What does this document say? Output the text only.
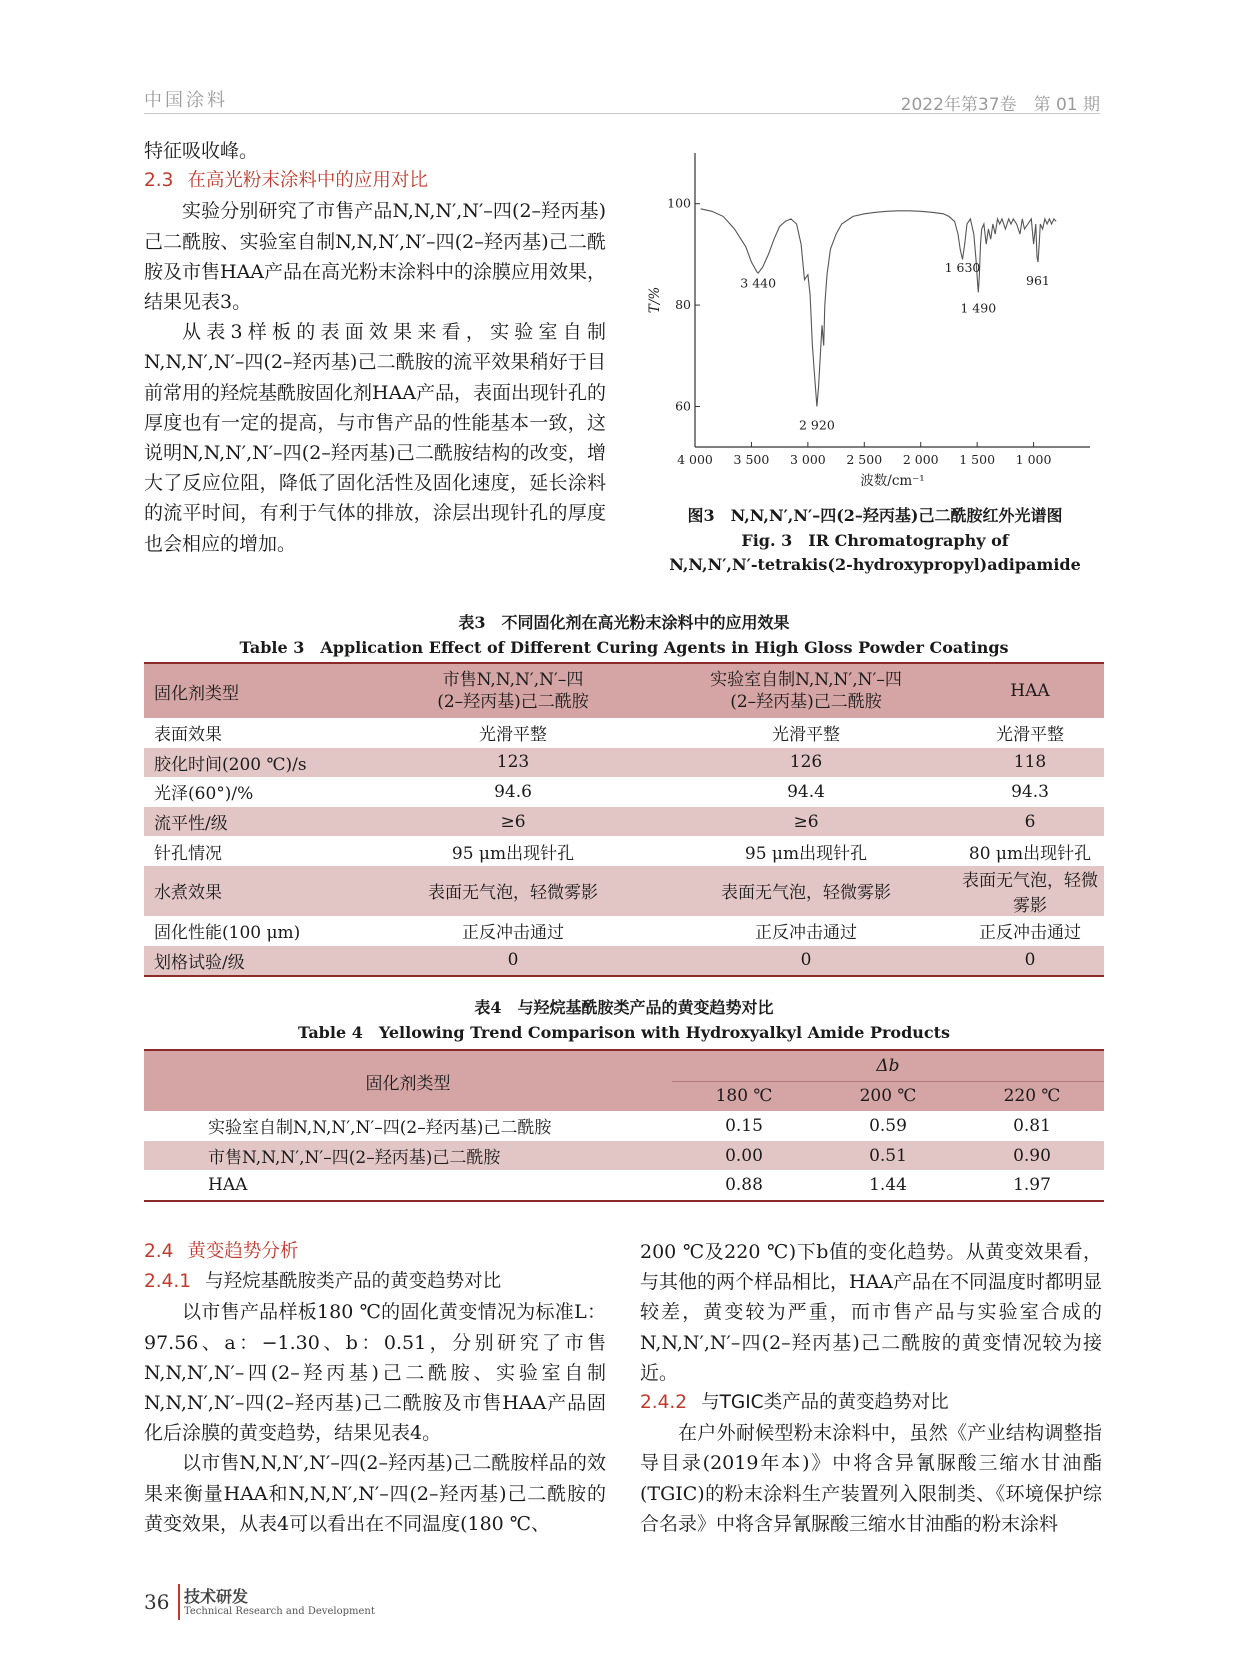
中国涂料	2022年第37卷　第 01 期

特征吸收峰。

2.3 在高光粉末涂料中的应用对比

实验分别研究了市售产品N,N,N′,N′–四(2–羟丙基)己二酰胺、实验室自制N,N,N′,N′–四(2–羟丙基)己二酰胺及市售HAA产品在高光粉末涂料中的涂膜应用效果，结果见表3。

从表3样板的表面效果来看，实验室自制N,N,N′,N′–四(2–羟丙基)己二酰胺的流平效果稍好于目前常用的羟烷基酰胺固化剂HAA产品，表面出现针孔的厚度也有一定的提高，与市售产品的性能基本一致，这说明N,N,N′,N′–四(2–羟丙基)己二酰胺结构的改变，增大了反应位阻，降低了固化活性及固化速度，延长涂料的流平时间，有利于气体的排放，涂层出现针孔的厚度也会相应的增加。

4 000 3 500 3 000 2 500 2 000 1 500 1 000
60
80
100
波数/cm⁻¹
T/%
3 440
2 920
1 630
1 490
961
图3　N,N,N′,N′–四(2–羟丙基)己二酰胺红外光谱图
Fig. 3　IR Chromatography of
N,N,N′,N′-tetrakis(2-hydroxypropyl)adipamide
表3　不同固化剂在高光粉末涂料中的应用效果
Table 3　Application Effect of Different Curing Agents in High Gloss Powder Coatings
固化剂类型	市售N,N,N′,N′–四
(2–羟丙基)己二酰胺	实验室自制N,N,N′,N′–四
(2–羟丙基)己二酰胺	HAA
表面效果	光滑平整	光滑平整	光滑平整
胶化时间(200 ℃)/s	123	126	118
光泽(60°)/%	94.6	94.4	94.3
流平性/级	≥6	≥6	6
针孔情况	95 μm出现针孔	95 μm出现针孔	80 μm出现针孔
水煮效果	表面无气泡，轻微雾影	表面无气泡，轻微雾影	表面无气泡，轻微雾影
固化性能(100 μm)	正反冲击通过	正反冲击通过	正反冲击通过
划格试验/级	0	0	0
表4　与羟烷基酰胺类产品的黄变趋势对比
Table 4　Yellowing Trend Comparison with Hydroxyalkyl Amide Products
固化剂类型	Δb		
	180 ℃	200 ℃	220 ℃
实验室自制N,N,N′,N′–四(2–羟丙基)己二酰胺	0.15	0.59	0.81
市售N,N,N′,N′–四(2–羟丙基)己二酰胺	0.00	0.51	0.90
HAA	0.88	1.44	1.97

2.4 黄变趋势分析

2.4.1 与羟烷基酰胺类产品的黄变趋势对比

以市售产品样板180 ℃的固化黄变情况为标准L：97.56、a：−1.30、b：0.51，分别研究了市售N,N,N′,N′–四(2–羟丙基)己二酰胺、实验室自制N,N,N′,N′–四(2–羟丙基)己二酰胺及市售HAA产品固化后涂膜的黄变趋势，结果见表4。

以市售N,N,N′,N′–四(2–羟丙基)己二酰胺样品的效果来衡量HAA和N,N,N′,N′–四(2–羟丙基)己二酰胺的黄变效果，从表4可以看出在不同温度(180 ℃、

200 ℃及220 ℃)下b值的变化趋势。从黄变效果看，与其他的两个样品相比，HAA产品在不同温度时都明显较差，黄变较为严重，而市售产品与实验室合成的N,N,N′,N′–四(2–羟丙基)己二酰胺的黄变情况较为接近。

2.4.2 与TGIC类产品的黄变趋势对比

在户外耐候型粉末涂料中，虽然《产业结构调整指导目录(2019年本)》中将含异氰脲酸三缩水甘油酯(TGIC)的粉末涂料生产装置列入限制类、《环境保护综合名录》中将含异氰脲酸三缩水甘油酯的粉末涂料

36 技术研发
Technical Research and Development
